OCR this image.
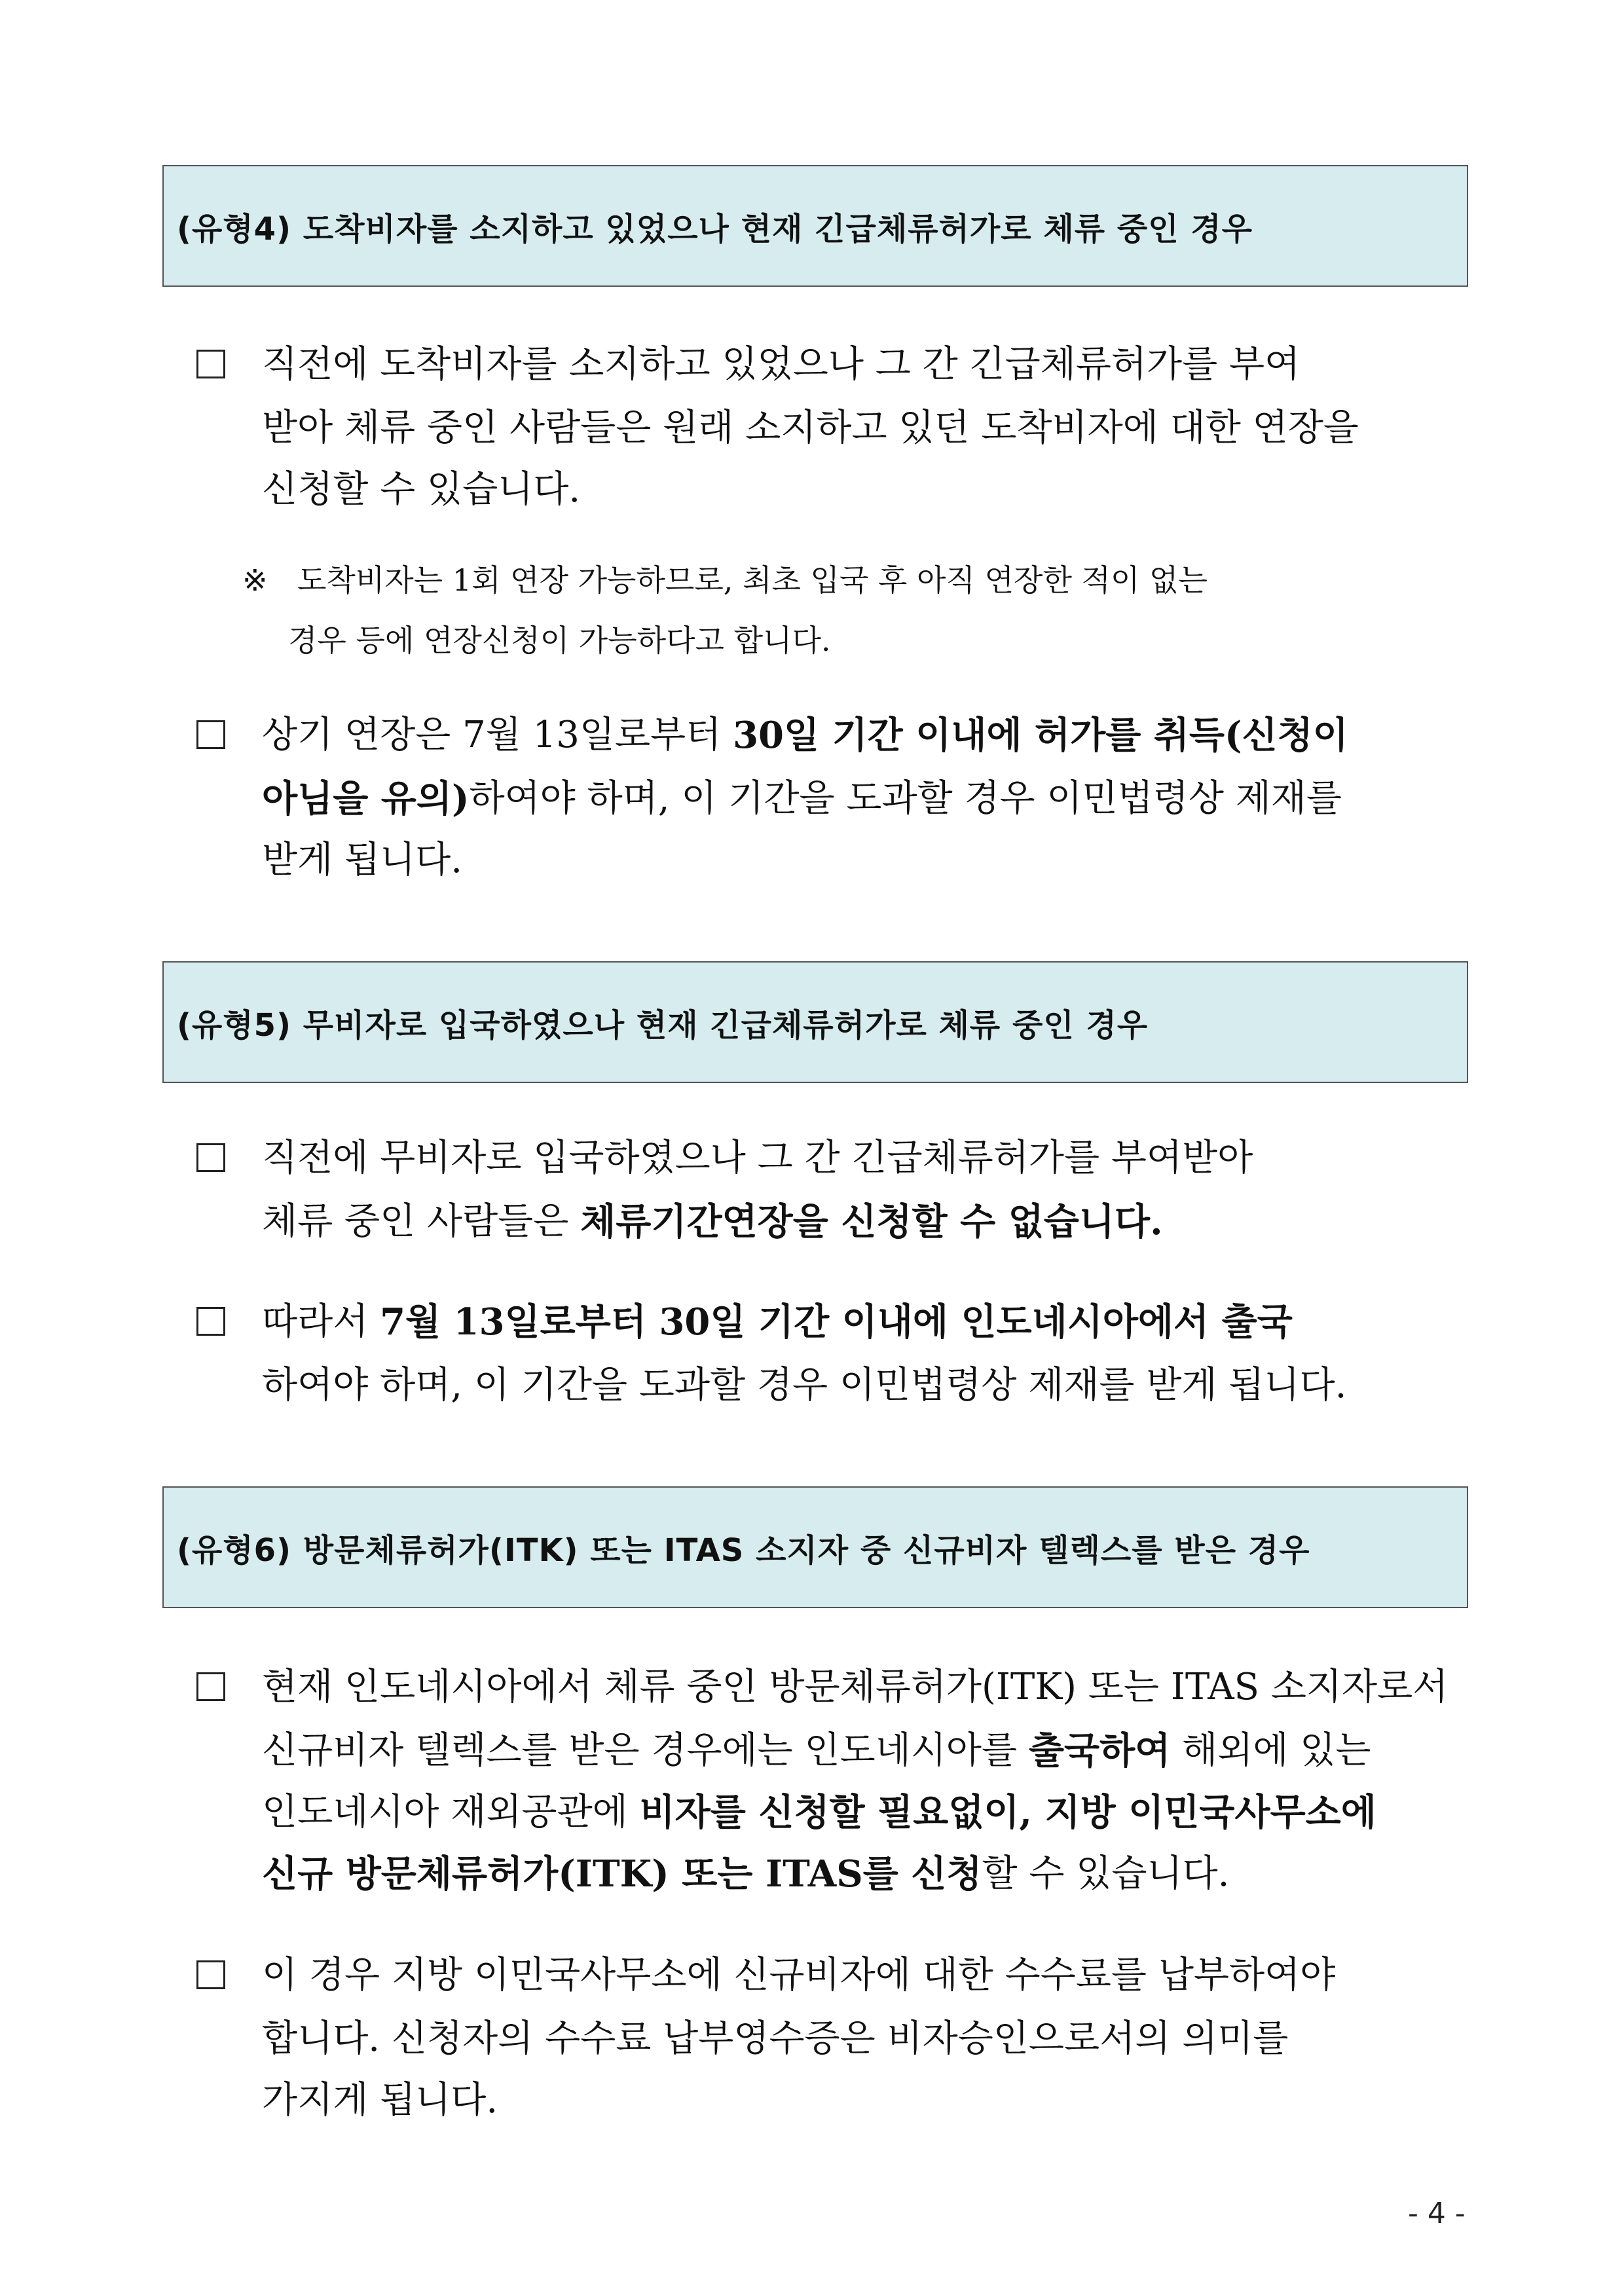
(유형4) 도착비자를 소지하고 있었으나 현재 긴급체류허가로 체류 중인 경우
직전에 도착비자를 소지하고 있었으나 그 간 긴급체류허가를 부여
받아 체류 중인 사람들은 원래 소지하고 있던 도착비자에 대한 연장을
신청할 수 있습니다.
※ 도착비자는 1회 연장 가능하므로, 최초 입국 후 아직 연장한 적이 없는
경우 등에 연장신청이 가능하다고 합니다.
상기 연장은 7월 13일로부터 30일 기간 이내에 허가를 취득(신청이
아님을 유의) 하여야 하며, 이 기간을 도과할 경우 이민법령상 제재를
받게 됩니다.
(유형5) 무비자로 입국하였으나 현재 긴급체류허가로 체류 중인 경우
직전에 무비자로 입국하였으나 그 간 긴급체류허가를 부여받아
체류 중인 사람들은 체류기간연장을 신청할 수 없습니다.
따라서 7월 13일로부터 30일 기간 이내에 인도네시아에서 출국
하여야 하며, 이 기간을 도과할 경우 이민법령상 제재를 받게 됩니다.
(유형6) 방문체류허가(ITK) 또는 ITAS 소지자 중 신규비자 텔렉스를 받은 경우
현재 인도네시아에서 체류 중인 방문체류허가(ITK) 또는 ITAS 소지자로서
신규비자 텔렉스를 받은 경우에는 인도네시아를 출국하여 해외에 있는
인도네시아 재외공관에 비자를 신청할 필요없이, 지방 이민국사무소에
신규 방문체류허가(ITK) 또는 ITAS를 신청 할 수 있습니다.
이 경우 지방 이민국사무소에 신규비자에 대한 수수료를 납부하여야
합니다. 신청자의 수수료 납부영수증은 비자승인으로서의 의미를
가지게 됩니다.
- 4 -
